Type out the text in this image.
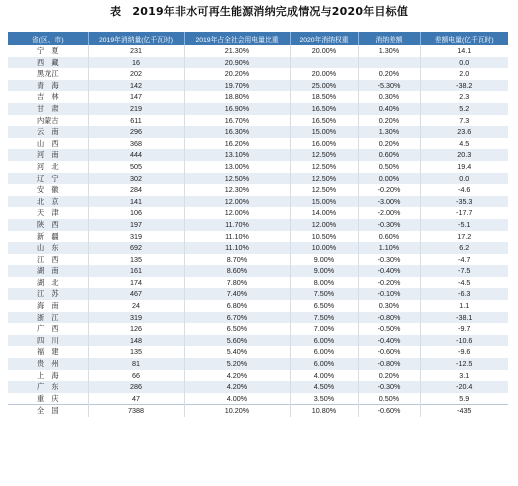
表　2019年非水可再生能源消纳完成情况与2020年目标值
省(区、市)	2019年消纳量(亿千瓦时)	2019年占全社会用电量比重	2020年消纳权重	消纳差额	差额电量(亿千瓦时)
宁　夏	231	21.30%	20.00%	1.30%	14.1
西　藏	16	20.90%			0.0
黑龙江	202	20.20%	20.00%	0.20%	2.0
青　海	142	19.70%	25.00%	-5.30%	-38.2
吉　林	147	18.80%	18.50%	0.30%	2.3
甘　肃	219	16.90%	16.50%	0.40%	5.2
内蒙古	611	16.70%	16.50%	0.20%	7.3
云　南	296	16.30%	15.00%	1.30%	23.6
山　西	368	16.20%	16.00%	0.20%	4.5
河　南	444	13.10%	12.50%	0.60%	20.3
河　北	505	13.00%	12.50%	0.50%	19.4
辽　宁	302	12.50%	12.50%	0.00%	0.0
安　徽	284	12.30%	12.50%	-0.20%	-4.6
北　京	141	12.00%	15.00%	-3.00%	-35.3
天　津	106	12.00%	14.00%	-2.00%	-17.7
陕　西	197	11.70%	12.00%	-0.30%	-5.1
新　疆	319	11.10%	10.50%	0.60%	17.2
山　东	692	11.10%	10.00%	1.10%	6.2
江　西	135	8.70%	9.00%	-0.30%	-4.7
湖　南	161	8.60%	9.00%	-0.40%	-7.5
湖　北	174	7.80%	8.00%	-0.20%	-4.5
江　苏	467	7.40%	7.50%	-0.10%	-6.3
海　南	24	6.80%	6.50%	0.30%	1.1
浙　江	319	6.70%	7.50%	-0.80%	-38.1
广　西	126	6.50%	7.00%	-0.50%	-9.7
四　川	148	5.60%	6.00%	-0.40%	-10.6
福　建	135	5.40%	6.00%	-0.60%	-9.6
贵　州	81	5.20%	6.00%	-0.80%	-12.5
上　海	66	4.20%	4.00%	0.20%	3.1
广　东	286	4.20%	4.50%	-0.30%	-20.4
重　庆	47	4.00%	3.50%	0.50%	5.9
全　国	7388	10.20%	10.80%	-0.60%	-435
